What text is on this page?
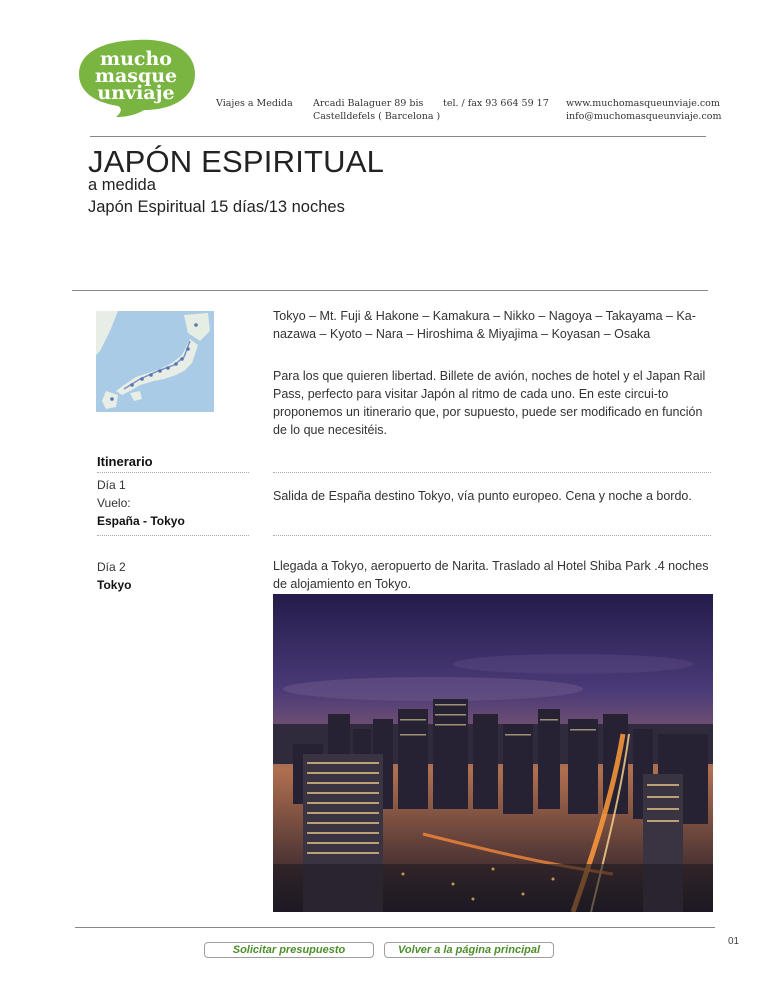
mucho
masque
unviaje	Viajes a Medida Arcadi Balaguer 89 bis
Castelldefels ( Barcelona )
tel. / fax 93 664 59 17 www.muchomasqueunviaje.com
info@muchomasqueunviaje.com
JAPÓN ESPIRITUAL
a medida
Japón Espiritual 15 días/13 noches
Tokyo – Mt. Fuji & Hakone – Kamakura – Nikko – Nagoya – Takayama – Ka-nazawa – Kyoto – Nara – Hiroshima & Miyajima – Koyasan – Osaka
Para los que quieren libertad. Billete de avión, noches de hotel y el Japan Rail Pass, perfecto para visitar Japón al ritmo de cada uno. En este circui-to proponemos un itinerario que, por supuesto, puede ser modificado en función de lo que necesitéis.
Itinerario
Día 1
Vuelo:
España - Tokyo
Salida de España destino Tokyo, vía punto europeo. Cena y noche a bordo.
Día 2
Tokyo
Llegada a Tokyo, aeropuerto de Narita. Traslado al Hotel Shiba Park .4 noches de alojamiento en Tokyo.
01
Solicitar presupuesto	Volver a la página principal
